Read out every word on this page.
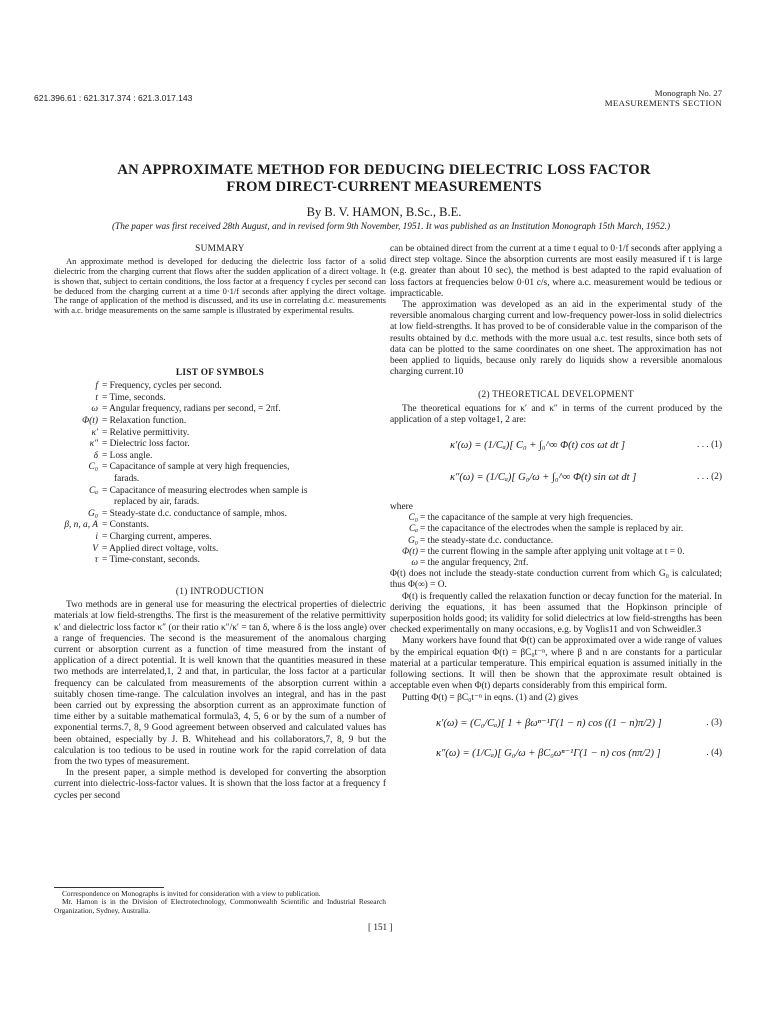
621.396.61 : 621.317.374 : 621.3.017.143	Monograph No. 27
MEASUREMENTS SECTION
AN APPROXIMATE METHOD FOR DEDUCING DIELECTRIC LOSS FACTOR
FROM DIRECT-CURRENT MEASUREMENTS
By B. V. HAMON, B.Sc., B.E.
(The paper was first received 28th August, and in revised form 9th November, 1951. It was published as an Institution Monograph 15th March, 1952.)
SUMMARY

An approximate method is developed for deducing the dielectric loss factor of a solid dielectric from the charging current that flows after the sudden application of a direct voltage. It is shown that, subject to certain conditions, the loss factor at a frequency f cycles per second can be deduced from the charging current at a time 0·1/f seconds after applying the direct voltage. The range of application of the method is discussed, and its use in correlating d.c. measurements with a.c. bridge measurements on the same sample is illustrated by experimental results.

LIST OF SYMBOLS
f = Frequency, cycles per second.
t = Time, seconds.
ω = Angular frequency, radians per second, = 2πf.
Φ(t) = Relaxation function.
κ′ = Relative permittivity.
κ″ = Dielectric loss factor.
δ = Loss angle.
C₀ = Capacitance of sample at very high frequencies,
farads.
Cₐ = Capacitance of measuring electrodes when sample is
replaced by air, farads.
G₀ = Steady-state d.c. conductance of sample, mhos.
β, n, a, A = Constants.
i = Charging current, amperes.
V = Applied direct voltage, volts.
τ = Time-constant, seconds.
(1) INTRODUCTION

Two methods are in general use for measuring the electrical properties of dielectric materials at low field-strengths. The first is the measurement of the relative permittivity κ′ and dielectric loss factor κ″ (or their ratio κ″/κ′ = tan δ, where δ is the loss angle) over a range of frequencies. The second is the measurement of the anomalous charging current or absorption current as a function of time measured from the instant of application of a direct potential. It is well known that the quantities measured in these two methods are interrelated,1, 2 and that, in particular, the loss factor at a particular frequency can be calculated from measurements of the absorption current within a suitably chosen time-range. The calculation involves an integral, and has in the past been carried out by expressing the absorption current as an approximate function of time either by a suitable mathematical formula3, 4, 5, 6 or by the sum of a number of exponential terms.7, 8, 9 Good agreement between observed and calculated values has been obtained, especially by J. B. Whitehead and his collaborators,7, 8, 9 but the calculation is too tedious to be used in routine work for the rapid correlation of data from the two types of measurement.

In the present paper, a simple method is developed for converting the absorption current into dielectric-loss-factor values. It is shown that the loss factor at a frequency f cycles per second

Correspondence on Monographs is invited for consideration with a view to publication.
Mr. Hamon is in the Division of Electrotechnology, Commonwealth Scientific and Industrial Research Organization, Sydney, Australia.

can be obtained direct from the current at a time t equal to 0·1/f seconds after applying a direct step voltage. Since the absorption currents are most easily measured if t is large (e.g. greater than about 10 sec), the method is best adapted to the rapid evaluation of loss factors at frequencies below 0·01 c/s, where a.c. measurement would be tedious or impracticable.

The approximation was developed as an aid in the experimental study of the reversible anomalous charging current and low-frequency power-loss in solid dielectrics at low field-strengths. It has proved to be of considerable value in the comparison of the results obtained by d.c. methods with the more usual a.c. test results, since both sets of data can be plotted to the same coordinates on one sheet. The approximation has not been applied to liquids, because only rarely do liquids show a reversible anomalous charging current.10

(2) THEORETICAL DEVELOPMENT

The theoretical equations for κ′ and κ″ in terms of the current produced by the application of a step voltage1, 2 are:

κ′(ω) = (1/Cₐ)[ C₀ + ∫₀^∞ Φ(t) cos ωt dt ]	. . . (1)
κ″(ω) = (1/Cₐ)[ G₀/ω + ∫₀^∞ Φ(t) sin ωt dt ]	. . . (2)

where

C₀ = the capacitance of the sample at very high frequencies.
Cₐ = the capacitance of the electrodes when the sample is replaced by air.
G₀ = the steady-state d.c. conductance.
Φ(t) = the current flowing in the sample after applying unit voltage at t = 0.
ω = the angular frequency, 2πf.

Φ(t) does not include the steady-state conduction current from which G₀ is calculated; thus Φ(∞) = O.

Φ(t) is frequently called the relaxation function or decay function for the material. In deriving the equations, it has been assumed that the Hopkinson principle of superposition holds good; its validity for solid dielectrics at low field-strengths has been checked experimentally on many occasions, e.g. by Voglis11 and von Schweidler.3

Many workers have found that Φ(t) can be approximated over a wide range of values by the empirical equation Φ(t) = βC₀t⁻ⁿ, where β and n are constants for a particular material at a particular temperature. This empirical equation is assumed initially in the following sections. It will then be shown that the approximate result obtained is acceptable even when Φ(t) departs considerably from this empirical form.

Putting Φ(t) = βC₀t⁻ⁿ in eqns. (1) and (2) gives

κ′(ω) = (C₀/Cₐ)[ 1 + βωⁿ⁻¹Γ(1 − n) cos ((1 − n)π/2) ]	. (3)
κ″(ω) = (1/Cₐ)[ G₀/ω + βC₀ωⁿ⁻¹Γ(1 − n) cos (nπ/2) ]	. (4)
[ 151 ]
